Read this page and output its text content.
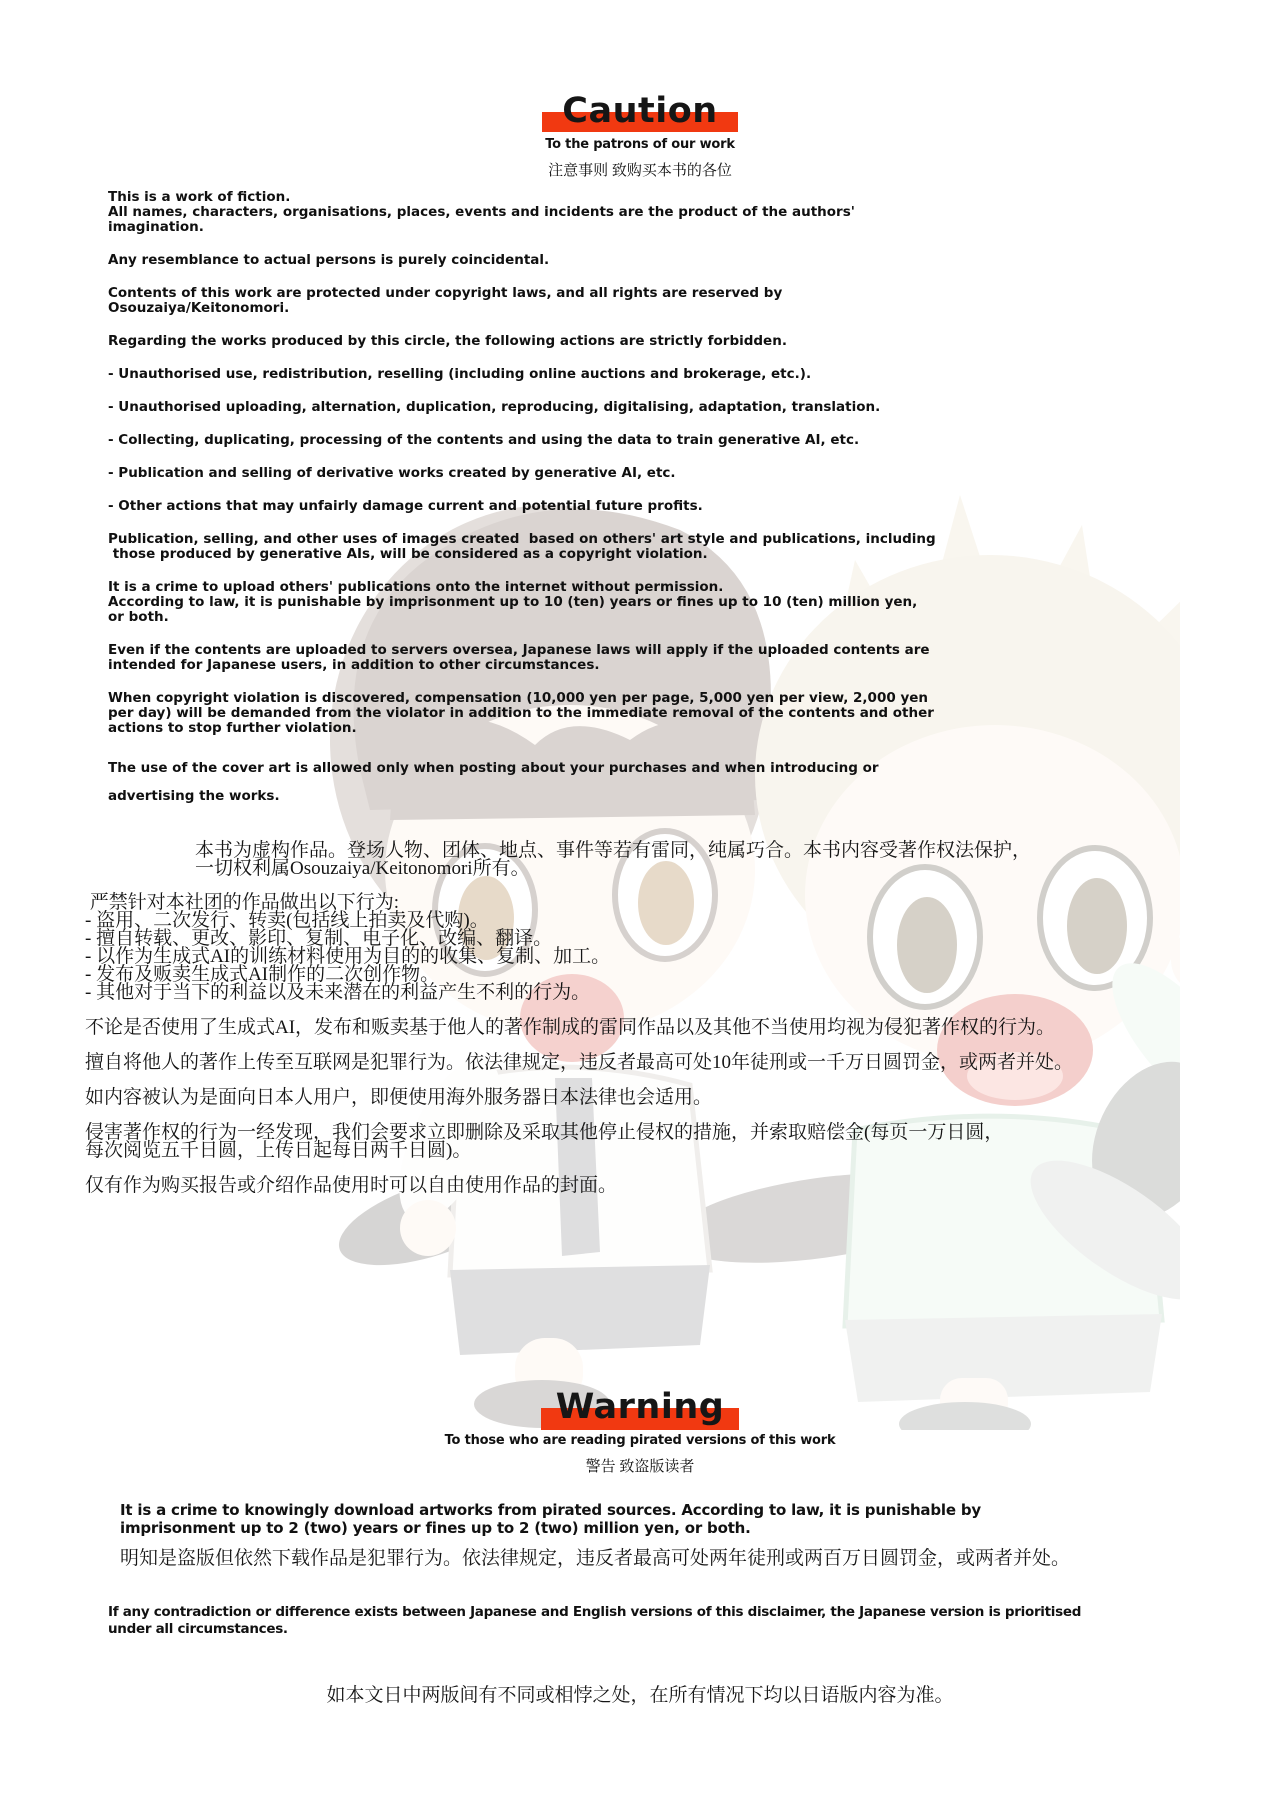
Caution
To the patrons of our work
注意事则 致购买本书的各位
This is a work of fiction.
All names, characters, organisations, places, events and incidents are the product of the authors'
imagination.
Any resemblance to actual persons is purely coincidental.
Contents of this work are protected under copyright laws, and all rights are reserved by
Osouzaiya/Keitonomori.
Regarding the works produced by this circle, the following actions are strictly forbidden.
- Unauthorised use, redistribution, reselling (including online auctions and brokerage, etc.).
- Unauthorised uploading, alternation, duplication, reproducing, digitalising, adaptation, translation.
- Collecting, duplicating, processing of the contents and using the data to train generative AI, etc.
- Publication and selling of derivative works created by generative AI, etc.
- Other actions that may unfairly damage current and potential future profits.
Publication, selling, and other uses of images created  based on others' art style and publications, including
those produced by generative AIs, will be considered as a copyright violation.
It is a crime to upload others' publications onto the internet without permission.
According to law, it is punishable by imprisonment up to 10 (ten) years or fines up to 10 (ten) million yen,
or both.
Even if the contents are uploaded to servers oversea, Japanese laws will apply if the uploaded contents are
intended for Japanese users, in addition to other circumstances.
When copyright violation is discovered, compensation (10,000 yen per page, 5,000 yen per view, 2,000 yen
per day) will be demanded from the violator in addition to the immediate removal of the contents and other
actions to stop further violation.
The use of the cover art is allowed only when posting about your purchases and when introducing or
advertising the works.
本书为虚构作品。登场人物、团体、地点、事件等若有雷同，纯属巧合。本书内容受著作权法保护，
一切权利属Osouzaiya/Keitonomori所有。
严禁针对本社团的作品做出以下行为:
- 盗用、二次发行、转卖(包括线上拍卖及代购)。
- 擅自转载、更改、影印、复制、电子化、改编、翻译。
- 以作为生成式AI的训练材料使用为目的的收集、复制、加工。
- 发布及贩卖生成式AI制作的二次创作物。
- 其他对于当下的利益以及未来潜在的利益产生不利的行为。
不论是否使用了生成式AI，发布和贩卖基于他人的著作制成的雷同作品以及其他不当使用均视为侵犯著作权的行为。
擅自将他人的著作上传至互联网是犯罪行为。依法律规定，违反者最高可处10年徒刑或一千万日圆罚金，或两者并处。
如内容被认为是面向日本人用户，即便使用海外服务器日本法律也会适用。
侵害著作权的行为一经发现，我们会要求立即删除及采取其他停止侵权的措施，并索取赔偿金(每页一万日圆，
每次阅览五千日圆，上传日起每日两千日圆)。
仅有作为购买报告或介绍作品使用时可以自由使用作品的封面。
Warning
To those who are reading pirated versions of this work
警告 致盗版读者
It is a crime to knowingly download artworks from pirated sources. According to law, it is punishable by
imprisonment up to 2 (two) years or fines up to 2 (two) million yen, or both.
明知是盗版但依然下载作品是犯罪行为。依法律规定，违反者最高可处两年徒刑或两百万日圆罚金，或两者并处。
If any contradiction or difference exists between Japanese and English versions of this disclaimer, the Japanese version is prioritised
under all circumstances.
如本文日中两版间有不同或相悖之处，在所有情况下均以日语版内容为准。
